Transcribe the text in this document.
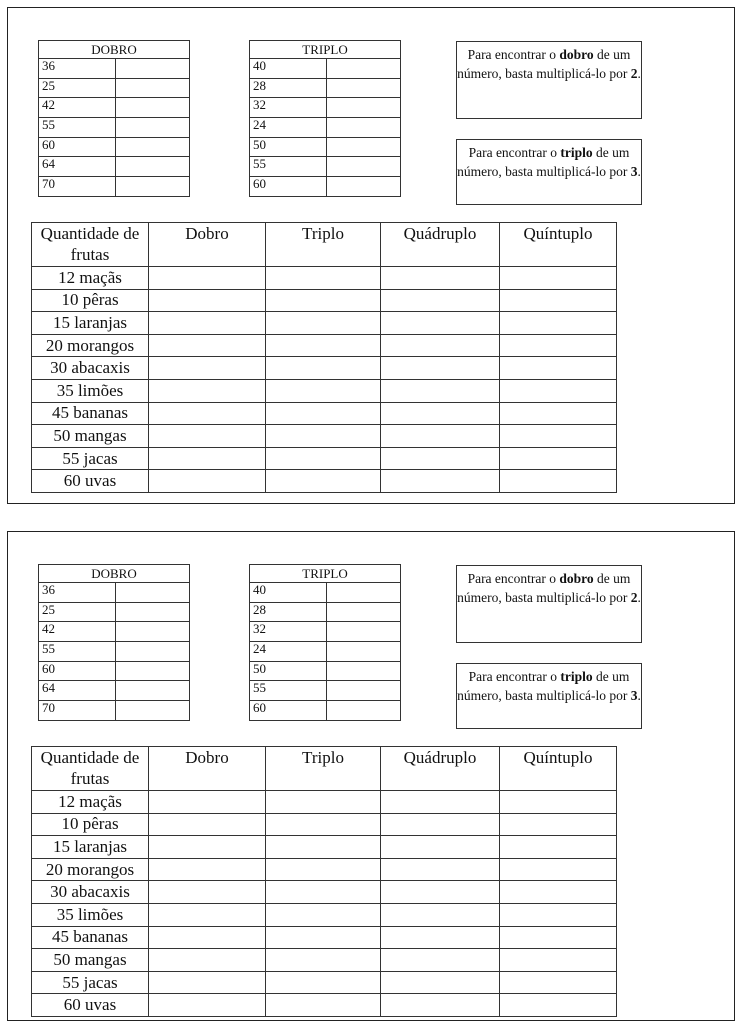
DOBRO	
36	
25	
42	
55	
60	
64	
70	
TRIPLO	
40	
28	
32	
24	
50	
55	
60	
Para encontrar o dobro de um número, basta multiplicá-lo por 2.
Para encontrar o triplo de um número, basta multiplicá-lo por 3.
Quantidade de frutas	Dobro	Triplo	Quádruplo	Quíntuplo
12 maçãs				
10 pêras				
15 laranjas				
20 morangos				
30 abacaxis				
35 limões				
45 bananas				
50 mangas				
55 jacas				
60 uvas				
DOBRO	
36	
25	
42	
55	
60	
64	
70	
TRIPLO	
40	
28	
32	
24	
50	
55	
60	
Para encontrar o dobro de um número, basta multiplicá-lo por 2.
Para encontrar o triplo de um número, basta multiplicá-lo por 3.
Quantidade de frutas	Dobro	Triplo	Quádruplo	Quíntuplo
12 maçãs				
10 pêras				
15 laranjas				
20 morangos				
30 abacaxis				
35 limões				
45 bananas				
50 mangas				
55 jacas				
60 uvas				
